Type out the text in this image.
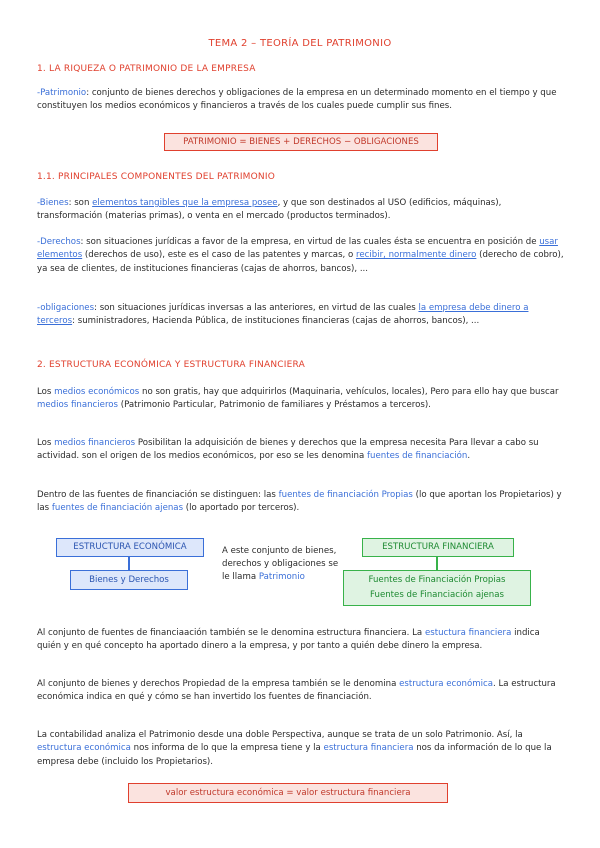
TEMA 2 – TEORÍA DEL PATRIMONIO
1. LA RIQUEZA O PATRIMONIO DE LA EMPRESA
-Patrimonio: conjunto de bienes derechos y obligaciones de la empresa en un determinado momento en el tiempo y que constituyen los medios económicos y financieros a través de los cuales puede cumplir sus fines.
PATRIMONIO = BIENES + DERECHOS − OBLIGACIONES
1.1. PRINCIPALES COMPONENTES DEL PATRIMONIO
-Bienes: son elementos tangibles que la empresa posee, y que son destinados al USO (edificios, máquinas), transformación (materias primas), o venta en el mercado (productos terminados).
-Derechos: son situaciones jurídicas a favor de la empresa, en virtud de las cuales ésta se encuentra en posición de usar elementos (derechos de uso), este es el caso de las patentes y marcas, o recibir, normalmente dinero (derecho de cobro), ya sea de clientes, de instituciones financieras (cajas de ahorros, bancos), ...
-obligaciones: son situaciones jurídicas inversas a las anteriores, en virtud de las cuales la empresa debe dinero a terceros: suministradores, Hacienda Pública, de instituciones financieras (cajas de ahorros, bancos), ...
2. ESTRUCTURA ECONÓMICA Y ESTRUCTURA FINANCIERA
Los medios económicos no son gratis, hay que adquirirlos (Maquinaria, vehículos, locales), Pero para ello hay que buscar medios financieros (Patrimonio Particular, Patrimonio de familiares y Préstamos a terceros).
Los medios financieros Posibilitan la adquisición de bienes y derechos que la empresa necesita Para llevar a cabo su actividad. son el origen de los medios económicos, por eso se les denomina fuentes de financiación.
Dentro de las fuentes de financiación se distinguen: las fuentes de financiación Propias (lo que aportan los Propietarios) y las fuentes de financiación ajenas (lo aportado por terceros).
ESTRUCTURA ECONÓMICA
Bienes y Derechos
A este conjunto de bienes, derechos y obligaciones se le llama Patrimonio
ESTRUCTURA FINANCIERA
Fuentes de Financiación Propias
Fuentes de Financiación ajenas
Al conjunto de fuentes de financiaación también se le denomina estructura financiera. La estuctura financiera indica quién y en qué concepto ha aportado dinero a la empresa, y por tanto a quién debe dinero la empresa.
Al conjunto de bienes y derechos Propiedad de la empresa también se le denomina estructura económica. La estructura económica indica en qué y cómo se han invertido los fuentes de financiación.
La contabilidad analiza el Patrimonio desde una doble Perspectiva, aunque se trata de un solo Patrimonio. Así, la estructura económica nos informa de lo que la empresa tiene y la estructura financiera nos da información de lo que la empresa debe (incluido los Propietarios).
valor estructura económica = valor estructura financiera
